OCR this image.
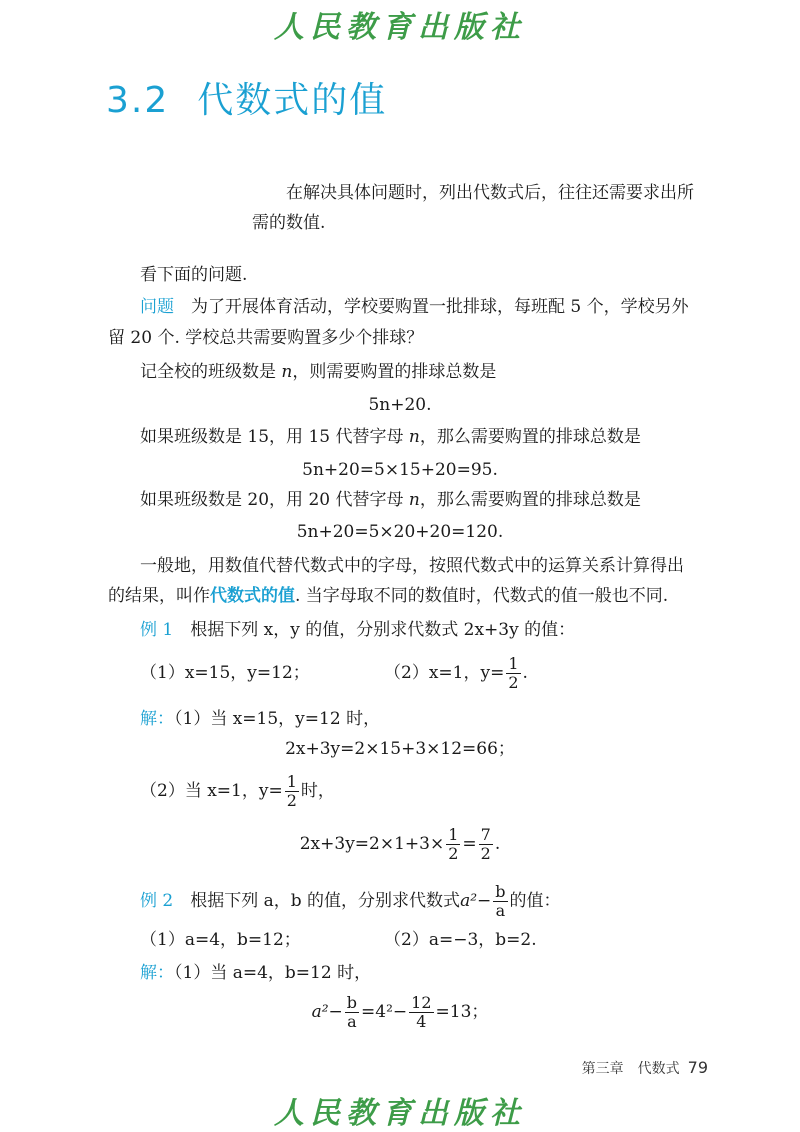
人民教育出版社
3.2 代数式的值
在解决具体问题时，列出代数式后，往往还需要求出所
需的数值.
看下面的问题.
问题　 为了开展体育活动，学校要购置一批排球，每班配 5 个，学校另外
留 20 个. 学校总共需要购置多少个排球？
记全校的班级数是 n，则需要购置的排球总数是
5n+20.
如果班级数是 15，用 15 代替字母 n，那么需要购置的排球总数是
5n+20=5×15+20=95.
如果班级数是 20，用 20 代替字母 n，那么需要购置的排球总数是
5n+20=5×20+20=120.
一般地，用数值代替代数式中的字母，按照代数式中的运算关系计算得出
的结果，叫作代数式的值. 当字母取不同的数值时，代数式的值一般也不同.
例 1　 根据下列 x，y 的值，分别求代数式 2x+3y 的值：
（1）x=15，y=12；	（2）x=1，$y= \frac{1}{2}$ .
解：（1）当 x=15，y=12 时，
2x+3y=2×15+3×12=66；
（2）当 x=1，$y= \frac{1}{2}$ 时，
$2x+3y=2\times 1+3\times \frac{1}{2} = \frac{7}{2}$ .
例 2　 根据下列 a，b 的值，分别求代数式$a^2- \frac{b}{a}$ 的值：
（1）a=4，b=12；	（2）a=−3，b=2.
解：（1）当 a=4，b=12 时，
$a^2- \frac{b}{a} =4^2- \frac{12}{4} =13$；
第三章　代数式 79
人民教育出版社
